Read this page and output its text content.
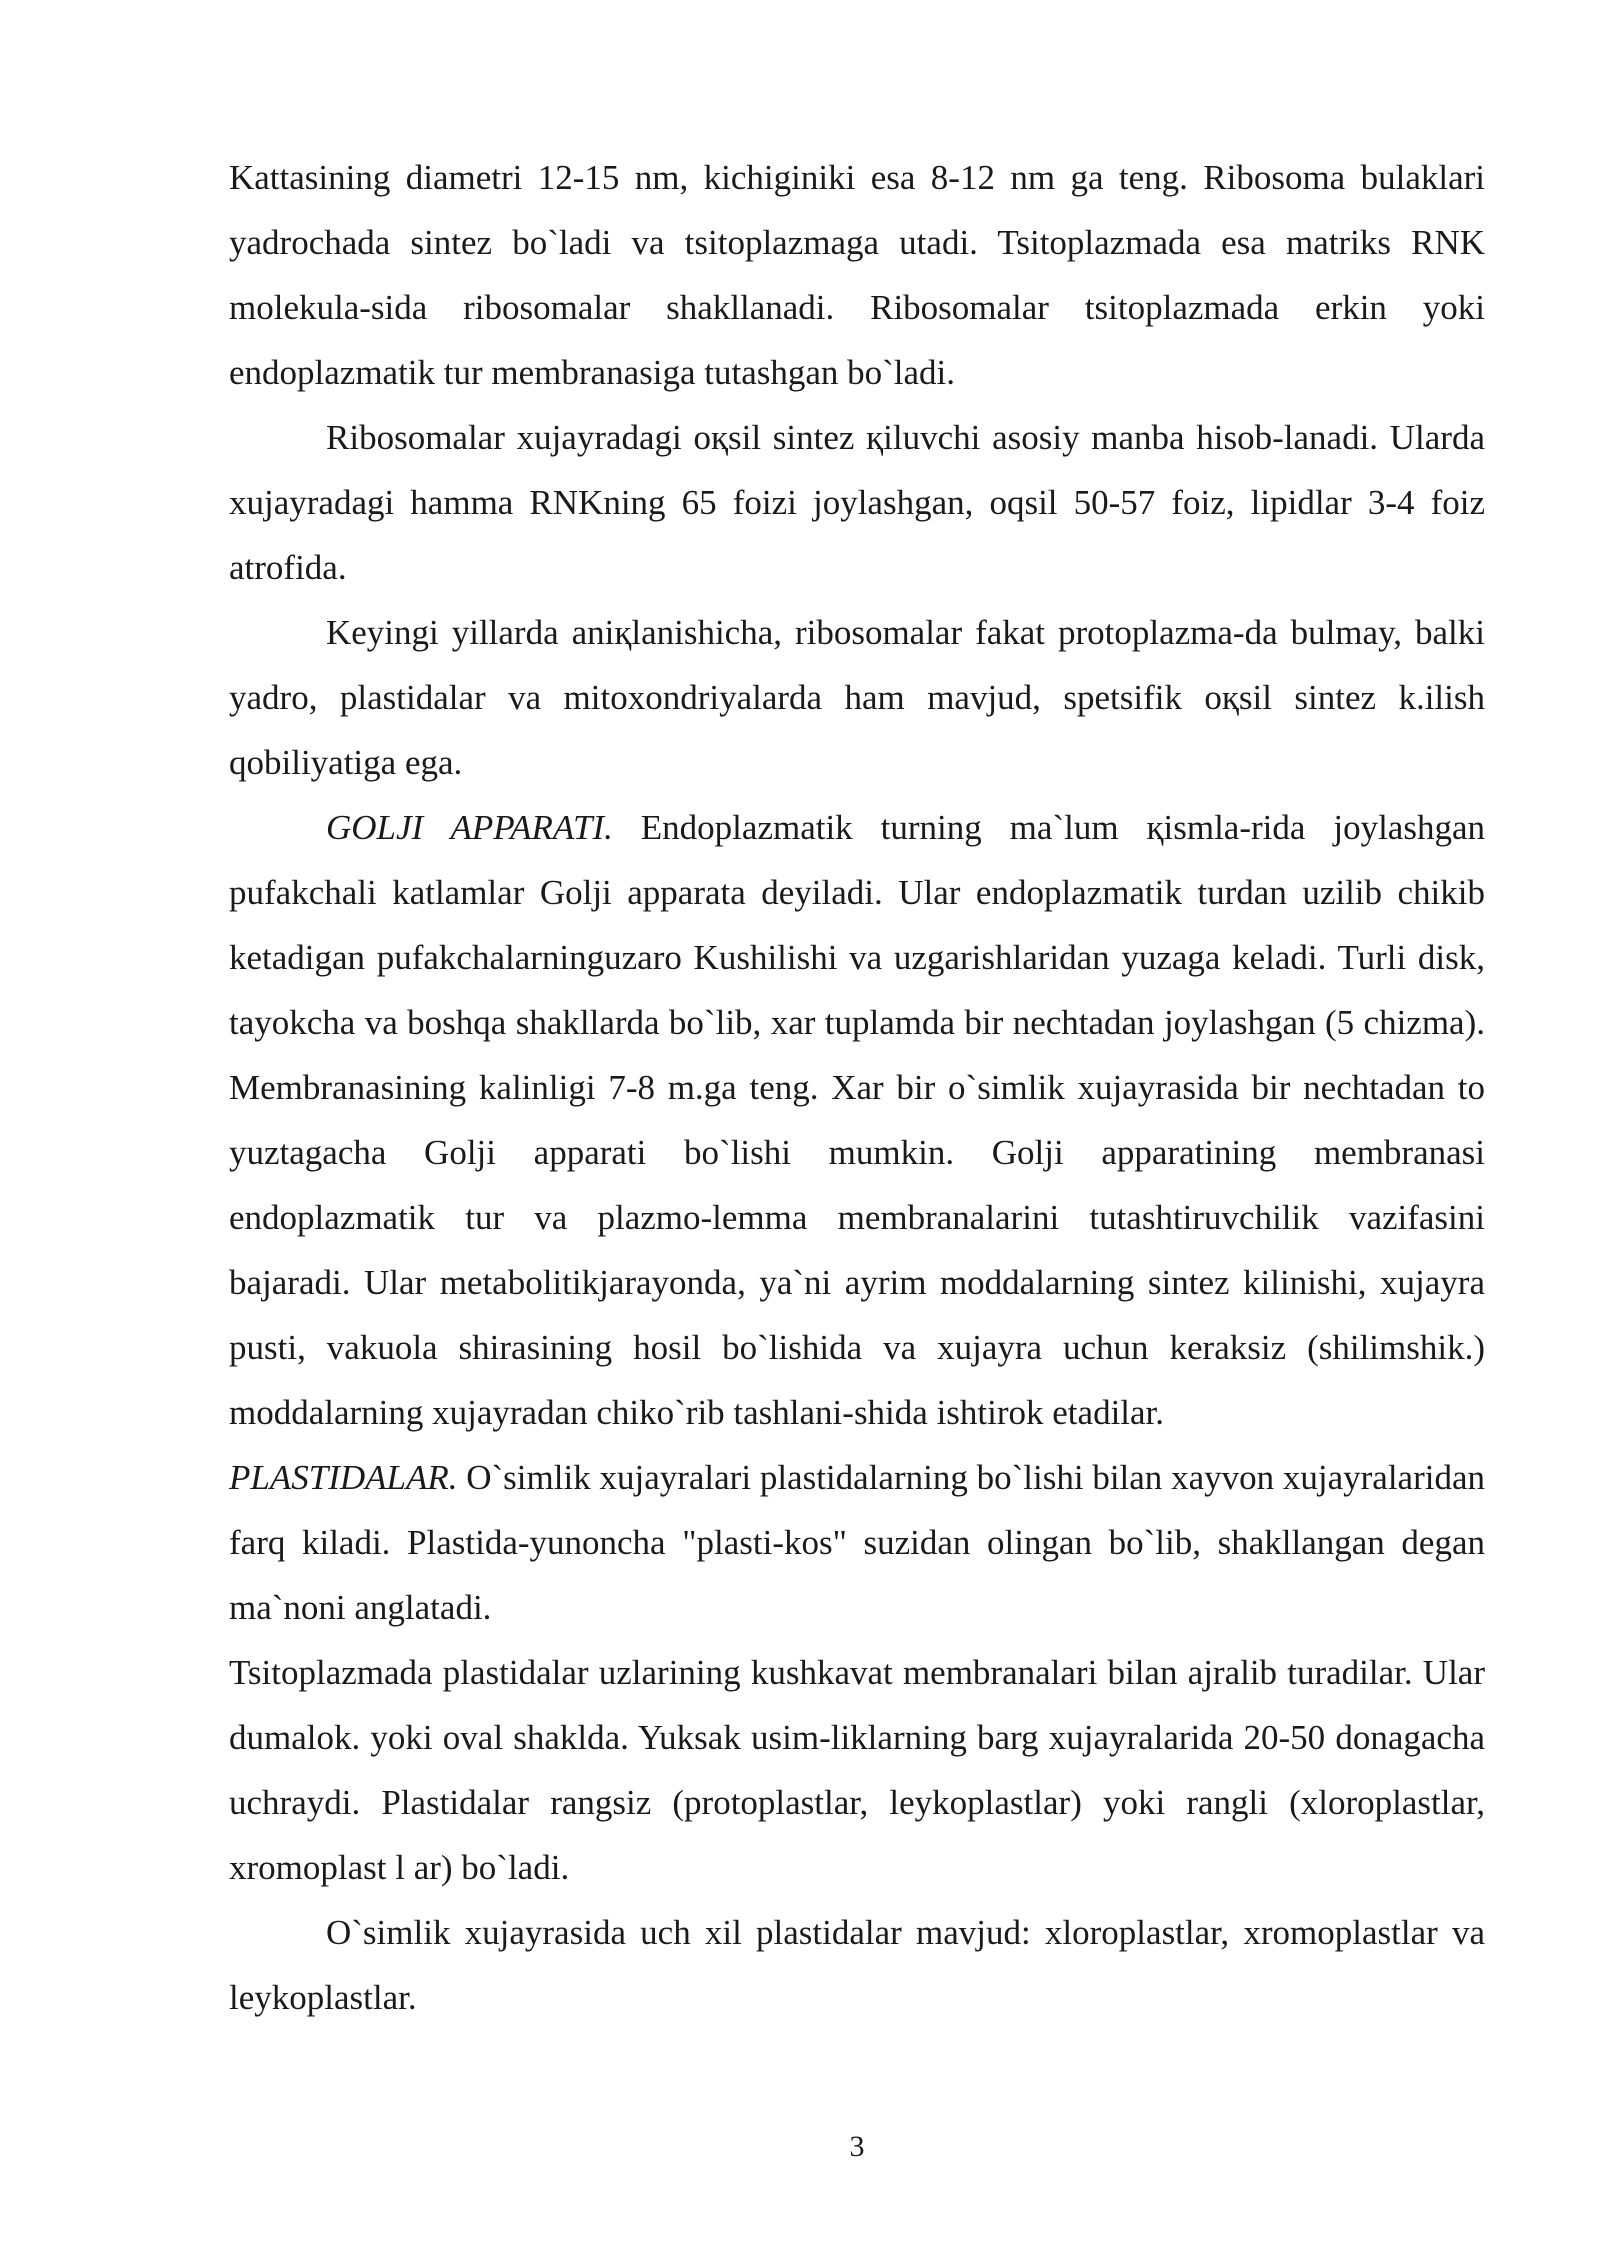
Kattasining diametri 12-15 nm, kichiginiki esa 8-12 nm ga teng. Ribosoma bulaklari yadrochada sintez bo`ladi va tsitoplazmaga utadi. Tsitoplazmada esa matriks RNK molekula-sida ribosomalar shakllanadi. Ribosomalar tsitoplazmada erkin yoki endoplazmatik tur membranasiga tutashgan bo`ladi.

Ribosomalar xujayradagi oқsil sintez қiluvchi asosiy manba hisob-lanadi. Ularda xujayradagi hamma RNKning 65 foizi joylashgan, oqsil 50-57 foiz, lipidlar 3-4 foiz atrofida.

Keyingi yillarda aniқlanishicha, ribosomalar fakat protoplazma-da bulmay, balki yadro, plastidalar va mitoxondriyalarda ham mavjud, spetsifik oқsil sintez k.ilish qobiliyatiga ega.

GOLJI APPARATI. Endoplazmatik turning ma`lum қismla-rida joylashgan pufakchali katlamlar Golji apparata deyiladi. Ular endoplazmatik turdan uzilib chikib ketadigan pufakchalarninguzaro Kushilishi va uzgarishlaridan yuzaga keladi. Turli disk, tayokcha va boshqa shakllarda bo`lib, xar tuplamda bir nechtadan joylashgan (5 chizma). Membranasining kalinligi 7-8 m.ga teng. Xar bir o`simlik xujayrasida bir nechtadan to yuztagacha Golji apparati bo`lishi mumkin. Golji apparatining membranasi endoplazmatik tur va plazmo-lemma membranalarini tutashtiruvchilik vazifasini bajaradi. Ular metabolitikjarayonda, ya`ni ayrim moddalarning sintez kilinishi, xujayra pusti, vakuola shirasining hosil bo`lishida va xujayra uchun keraksiz (shilimshik.) moddalarning xujayradan chiko`rib tashlani-shida ishtirok etadilar.

PLASTIDALAR. O`simlik xujayralari plastidalarning bo`lishi bilan xayvon xujayralaridan farq kiladi. Plastida-yunoncha "plasti-kos" suzidan olingan bo`lib, shakllangan degan ma`noni anglatadi.

Tsitoplazmada plastidalar uzlarining kushkavat membranalari bilan ajralib turadilar. Ular dumalok. yoki oval shaklda. Yuksak usim-liklarning barg xujayralarida 20-50 donagacha uchraydi. Plastidalar rangsiz (protoplastlar, leykoplastlar) yoki rangli (xloroplastlar, xromoplast l ar) bo`ladi.

O`simlik xujayrasida uch xil plastidalar mavjud: xloroplastlar, xromoplastlar va leykoplastlar.

3
